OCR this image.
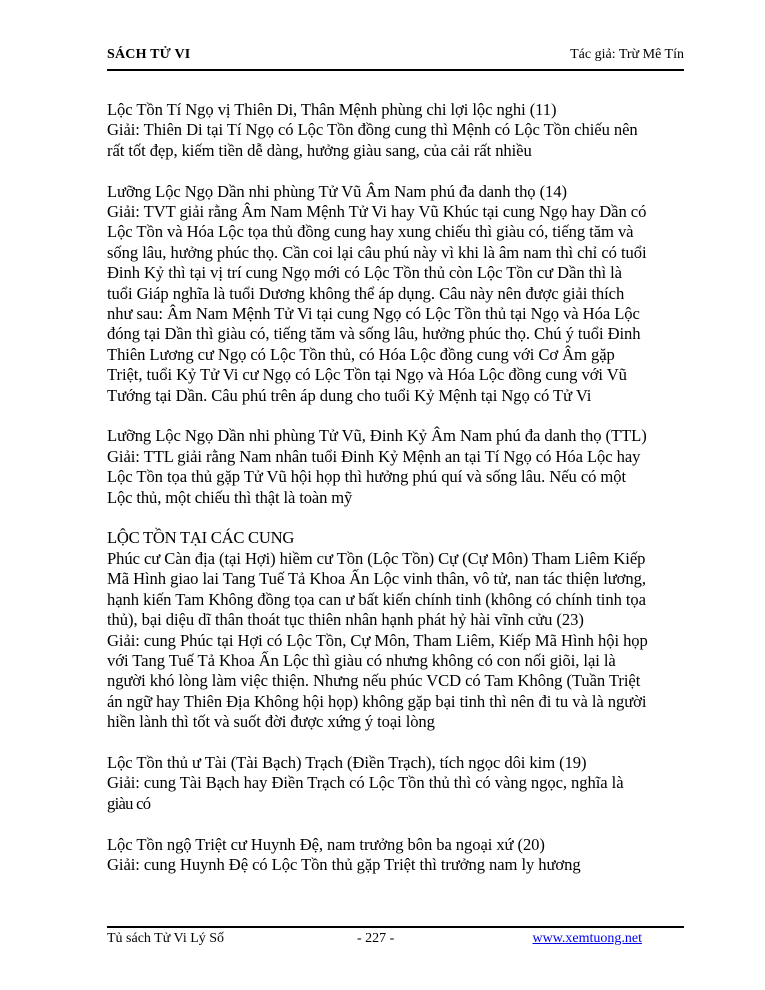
SÁCH TỬ VI	Tác giả: Trừ Mê Tín

Lộc Tồn Tí Ngọ vị Thiên Di, Thân Mệnh phùng chi lợi lộc nghi (11)
Giải: Thiên Di tại Tí Ngọ có Lộc Tồn đồng cung thì Mệnh có Lộc Tồn chiếu nên
rất tốt đẹp, kiếm tiền dễ dàng, hưởng giàu sang, của cải rất nhiều

Lưỡng Lộc Ngọ Dần nhi phùng Tử Vũ Âm Nam phú đa danh thọ (14)
Giải: TVT giải rằng Âm Nam Mệnh Tử Vi hay Vũ Khúc tại cung Ngọ hay Dần có
Lộc Tồn và Hóa Lộc tọa thủ đồng cung hay xung chiếu thì giàu có, tiếng tăm và
sống lâu, hưởng phúc thọ. Cần coi lại câu phú này vì khi là âm nam thì chỉ có tuổi
Đinh Kỷ thì tại vị trí cung Ngọ mới có Lộc Tồn thủ còn Lộc Tồn cư Dần thì là
tuổi Giáp nghĩa là tuổi Dương không thể áp dụng. Câu này nên được giải thích
như sau: Âm Nam Mệnh Tử Vi tại cung Ngọ có Lộc Tồn thủ tại Ngọ và Hóa Lộc
đóng tại Dần thì giàu có, tiếng tăm và sống lâu, hưởng phúc thọ. Chú ý tuổi Đinh
Thiên Lương cư Ngọ có Lộc Tồn thủ, có Hóa Lộc đồng cung với Cơ Âm gặp
Triệt, tuổi Kỷ Tử Vi cư Ngọ có Lộc Tồn tại Ngọ và Hóa Lộc đồng cung với Vũ
Tướng tại Dần. Câu phú trên áp dung cho tuổi Kỷ Mệnh tại Ngọ có Tử Vi

Lưỡng Lộc Ngọ Dần nhi phùng Tử Vũ, Đinh Kỷ Âm Nam phú đa danh thọ (TTL)
Giải: TTL giải rằng Nam nhân tuổi Đinh Kỷ Mệnh an tại Tí Ngọ có Hóa Lộc hay
Lộc Tồn tọa thủ gặp Tử Vũ hội họp thì hưởng phú quí và sống lâu. Nếu có một
Lộc thủ, một chiếu thì thật là toàn mỹ

LỘC TỒN TẠI CÁC CUNG
Phúc cư Càn địa (tại Hợi) hiềm cư Tồn (Lộc Tồn) Cự (Cự Môn) Tham Liêm Kiếp
Mã Hình giao lai Tang Tuế Tả Khoa Ấn Lộc vinh thân, vô tử, nan tác thiện lương,
hạnh kiến Tam Không đồng tọa can ư bất kiến chính tinh (không có chính tinh tọa
thủ), bại diệu dĩ thân thoát tục thiên nhân hạnh phát hỷ hài vĩnh cửu (23)
Giải: cung Phúc tại Hợi có Lộc Tồn, Cự Môn, Tham Liêm, Kiếp Mã Hình hội họp
với Tang Tuế Tả Khoa Ấn Lộc thì giàu có nhưng không có con nối giõi, lại là
người khó lòng làm việc thiện. Nhưng nếu phúc VCD có Tam Không (Tuần Triệt
án ngữ hay Thiên Địa Không hội họp) không gặp bại tinh thì nên đi tu và là người
hiền lành thì tốt và suốt đời được xứng ý toại lòng

Lộc Tồn thủ ư Tài (Tài Bạch) Trạch (Điền Trạch), tích ngọc dôi kim (19)
Giải: cung Tài Bạch hay Điền Trạch có Lộc Tồn thủ thì có vàng ngọc, nghĩa là
giàu có

Lộc Tồn ngộ Triệt cư Huynh Đệ, nam trưởng bôn ba ngoại xứ (20)
Giải: cung Huynh Đệ có Lộc Tồn thủ gặp Triệt thì trưởng nam ly hương

Tủ sách Tử Vi Lý Số	- 227 -	www.xemtuong.net
